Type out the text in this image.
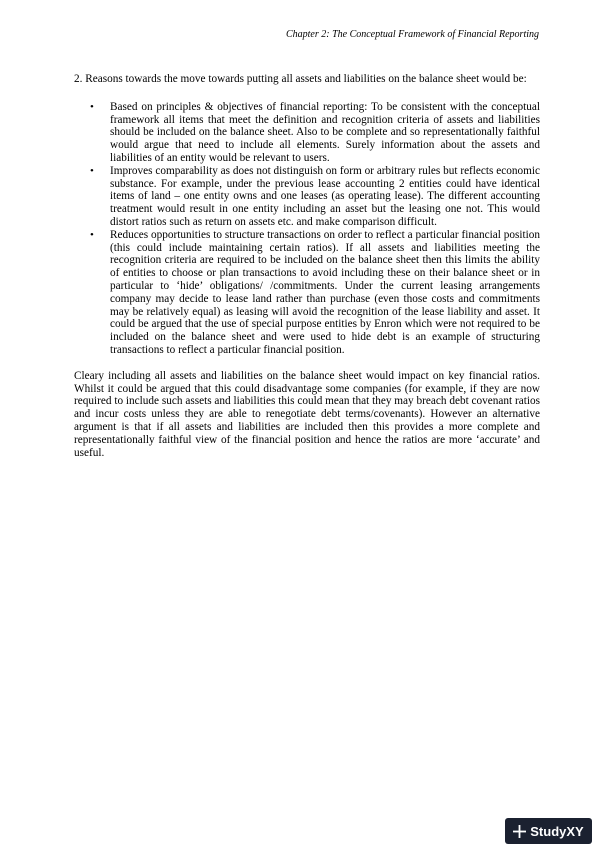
Chapter 2: The Conceptual Framework of Financial Reporting

2. Reasons towards the move towards putting all assets and liabilities on the balance sheet would be:

• Based on principles & objectives of financial reporting: To be consistent with the conceptual framework all items that meet the definition and recognition criteria of assets and liabilities should be included on the balance sheet. Also to be complete and so representationally faithful would argue that need to include all elements. Surely information about the assets and liabilities of an entity would be relevant to users.
• Improves comparability as does not distinguish on form or arbitrary rules but reflects economic substance. For example, under the previous lease accounting 2 entities could have identical items of land – one entity owns and one leases (as operating lease). The different accounting treatment would result in one entity including an asset but the leasing one not. This would distort ratios such as return on assets etc. and make comparison difficult.
• Reduces opportunities to structure transactions on order to reflect a particular financial position (this could include maintaining certain ratios). If all assets and liabilities meeting the recognition criteria are required to be included on the balance sheet then this limits the ability of entities to choose or plan transactions to avoid including these on their balance sheet or in particular to ‘hide’ obligations/ /commitments. Under the current leasing arrangements company may decide to lease land rather than purchase (even those costs and commitments may be relatively equal) as leasing will avoid the recognition of the lease liability and asset. It could be argued that the use of special purpose entities by Enron which were not required to be included on the balance sheet and were used to hide debt is an example of structuring transactions to reflect a particular financial position.

Cleary including all assets and liabilities on the balance sheet would impact on key financial ratios. Whilst it could be argued that this could disadvantage some companies (for example, if they are now required to include such assets and liabilities this could mean that they may breach debt covenant ratios and incur costs unless they are able to renegotiate debt terms/covenants). However an alternative argument is that if all assets and liabilities are included then this provides a more complete and representationally faithful view of the financial position and hence the ratios are more ‘accurate’ and useful.

StudyXY
